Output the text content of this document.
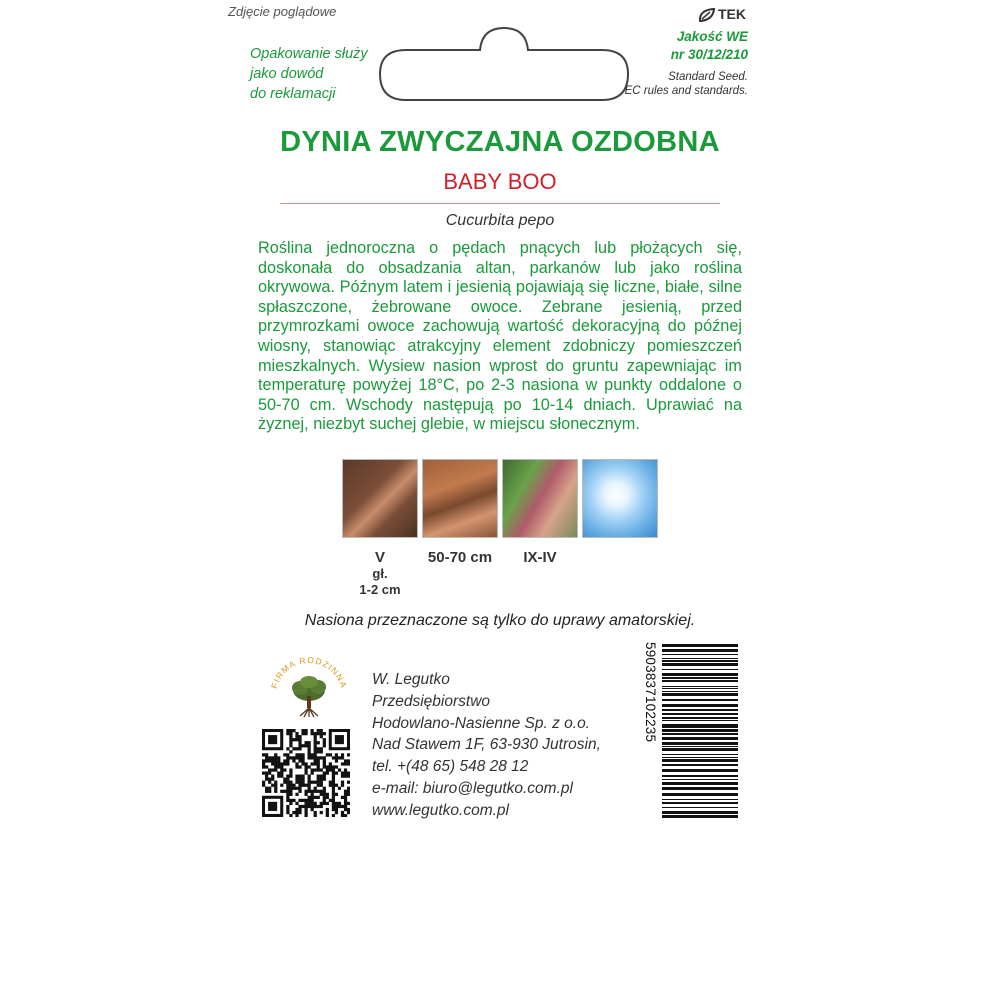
Zdjęcie poglądowe
Opakowanie służy
jako dowód
do reklamacji
TEK
Jakość WE
nr 30/12/210
Standard Seed.
EC rules and standards.
DYNIA ZWYCZAJNA OZDOBNA
BABY BOO
Cucurbita pepo
Roślina jednoroczna o pędach pnących lub płożących się, doskonała do obsadzania altan, parkanów lub jako roślina okrywowa. Późnym latem i jesienią pojawiają się liczne, białe, silne spłaszczone, żebrowane owoce. Zebrane jesienią, przed przymrozkami owoce zachowują wartość dekoracyjną do późnej wiosny, stanowiąc atrakcyjny element zdobniczy pomieszczeń mieszkalnych. Wysiew nasion wprost do gruntu zapewniając im temperaturę powyżej 18°C, po 2-3 nasiona w punkty oddalone o 50-70 cm. Wschody następują po 10-14 dniach. Uprawiać na żyznej, niezbyt suchej glebie, w miejscu słonecznym.
V
gł.
1-2 cm
50-70 cm	IX-IV
Nasiona przeznaczone są tylko do uprawy amatorskiej.
FIRMA RODZINNA W. Legutko
Przedsiębiorstwo
Hodowlano-Nasienne Sp. z o.o.
Nad Stawem 1F, 63-930 Jutrosin,
tel. +(48 65) 548 28 12
e-mail: biuro@legutko.com.pl
www.legutko.com.pl
5903837102235
